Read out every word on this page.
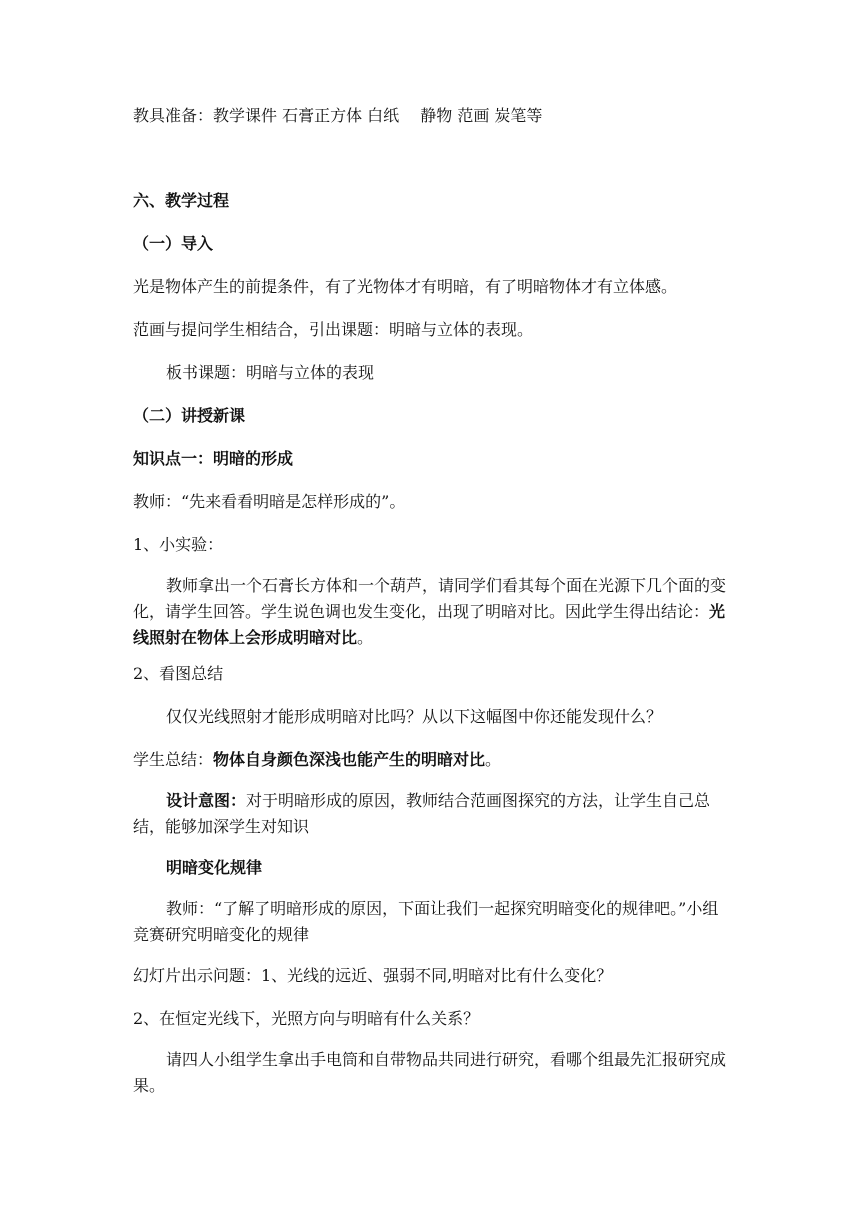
教具准备：教学课件 石膏正方体 白纸 　静物 范画 炭笔等
六、教学过程
（一）导入
光是物体产生的前提条件，有了光物体才有明暗，有了明暗物体才有立体感。
范画与提问学生相结合，引出课题：明暗与立体的表现。
板书课题：明暗与立体的表现
（二）讲授新课
知识点一：明暗的形成
教师：“先来看看明暗是怎样形成的”。
1、小实验：
教师拿出一个石膏长方体和一个葫芦，请同学们看其每个面在光源下几个面的变化，请学生回答。学生说色调也发生变化，出现了明暗对比。因此学生得出结论：光线照射在物体上会形成明暗对比。
2、看图总结
仅仅光线照射才能形成明暗对比吗？从以下这幅图中你还能发现什么？
学生总结：物体自身颜色深浅也能产生的明暗对比。
设计意图：对于明暗形成的原因，教师结合范画图探究的方法，让学生自己总结，能够加深学生对知识
明暗变化规律
教师：“了解了明暗形成的原因，下面让我们一起探究明暗变化的规律吧。”小组竞赛研究明暗变化的规律
幻灯片出示问题：1、光线的远近、强弱不同,明暗对比有什么变化？
2、在恒定光线下，光照方向与明暗有什么关系？
请四人小组学生拿出手电筒和自带物品共同进行研究，看哪个组最先汇报研究成果。
